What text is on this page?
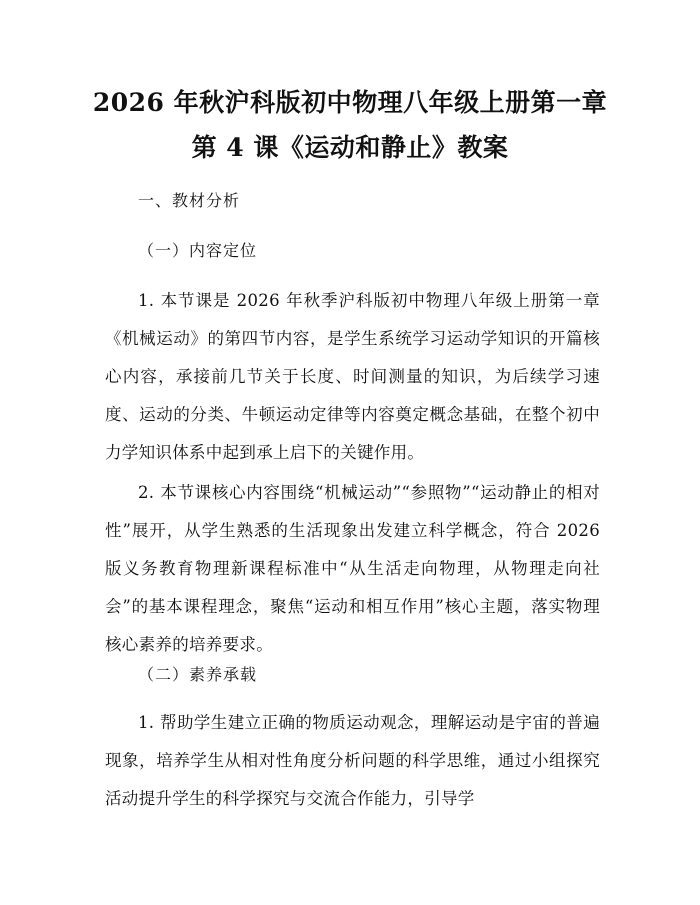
2026 年秋沪科版初中物理八年级上册第一章
第 4 课《运动和静止》教案
一、教材分析
（一）内容定位
1. 本节课是 2026 年秋季沪科版初中物理八年级上册第一章《机械运动》的第四节内容，是学生系统学习运动学知识的开篇核心内容，承接前几节关于长度、时间测量的知识，为后续学习速度、运动的分类、牛顿运动定律等内容奠定概念基础，在整个初中力学知识体系中起到承上启下的关键作用。
2. 本节课核心内容围绕“机械运动”“参照物”“运动静止的相对性”展开，从学生熟悉的生活现象出发建立科学概念，符合 2026 版义务教育物理新课程标准中“从生活走向物理，从物理走向社会”的基本课程理念，聚焦“运动和相互作用”核心主题，落实物理核心素养的培养要求。
（二）素养承载
1. 帮助学生建立正确的物质运动观念，理解运动是宇宙的普遍现象，培养学生从相对性角度分析问题的科学思维，通过小组探究活动提升学生的科学探究与交流合作能力，引导学
